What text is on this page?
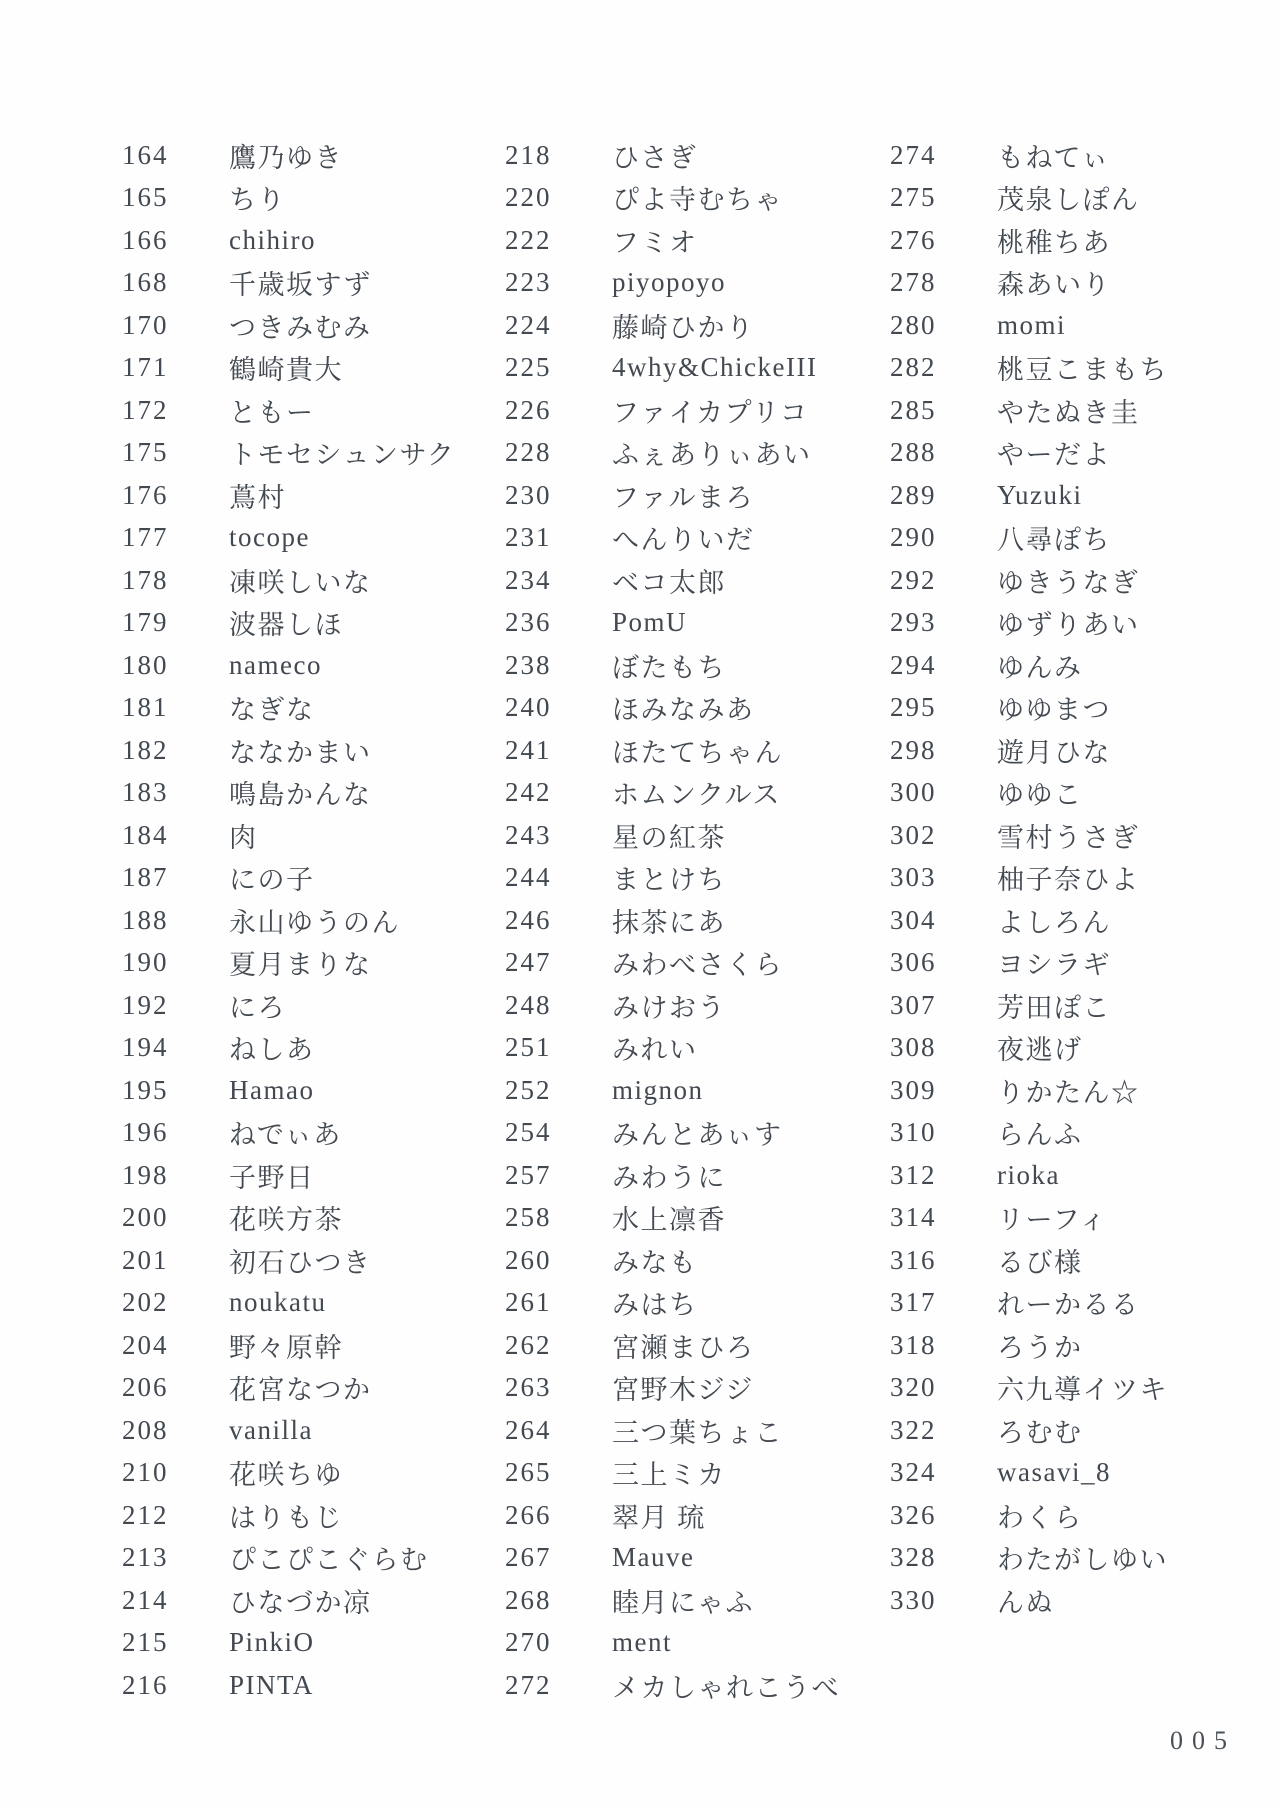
164	鷹乃ゆき
165	ちり
166	chihiro
168	千歳坂すず
170	つきみむみ
171	鶴崎貴大
172	ともー
175	トモセシュンサク
176	蔦村
177	tocope
178	凍咲しいな
179	波器しほ
180	nameco
181	なぎな
182	ななかまい
183	鳴島かんな
184	肉
187	にの子
188	永山ゆうのん
190	夏月まりな
192	にろ
194	ねしあ
195	Hamao
196	ねでぃあ
198	子野日
200	花咲方茶
201	初石ひつき
202	noukatu
204	野々原幹
206	花宮なつか
208	vanilla
210	花咲ちゆ
212	はりもじ
213	ぴこぴこぐらむ
214	ひなづか凉
215	PinkiO
216	PINTA
218	ひさぎ
220	ぴよ寺むちゃ
222	フミオ
223	piyopoyo
224	藤崎ひかり
225	4why&ChickeIII
226	ファイカプリコ
228	ふぇありぃあい
230	ファルまろ
231	へんりいだ
234	ベコ太郎
236	PomU
238	ぼたもち
240	ほみなみあ
241	ほたてちゃん
242	ホムンクルス
243	星の紅茶
244	まとけち
246	抹茶にあ
247	みわべさくら
248	みけおう
251	みれい
252	mignon
254	みんとあぃす
257	みわうに
258	水上凛香
260	みなも
261	みはち
262	宮瀬まひろ
263	宮野木ジジ
264	三つ葉ちょこ
265	三上ミカ
266	翠月 琉
267	Mauve
268	睦月にゃふ
270	ment
272	メカしゃれこうべ
274	もねてぃ
275	茂泉しぽん
276	桃稚ちあ
278	森あいり
280	momi
282	桃豆こまもち
285	やたぬき圭
288	やーだよ
289	Yuzuki
290	八尋ぽち
292	ゆきうなぎ
293	ゆずりあい
294	ゆんみ
295	ゆゆまつ
298	遊月ひな
300	ゆゆこ
302	雪村うさぎ
303	柚子奈ひよ
304	よしろん
306	ヨシラギ
307	芳田ぽこ
308	夜逃げ
309	りかたん☆
310	らんふ
312	rioka
314	リーフィ
316	るび様
317	れーかるる
318	ろうか
320	六九導イツキ
322	ろむむ
324	wasavi_8
326	わくら
328	わたがしゆい
330	んぬ
005
